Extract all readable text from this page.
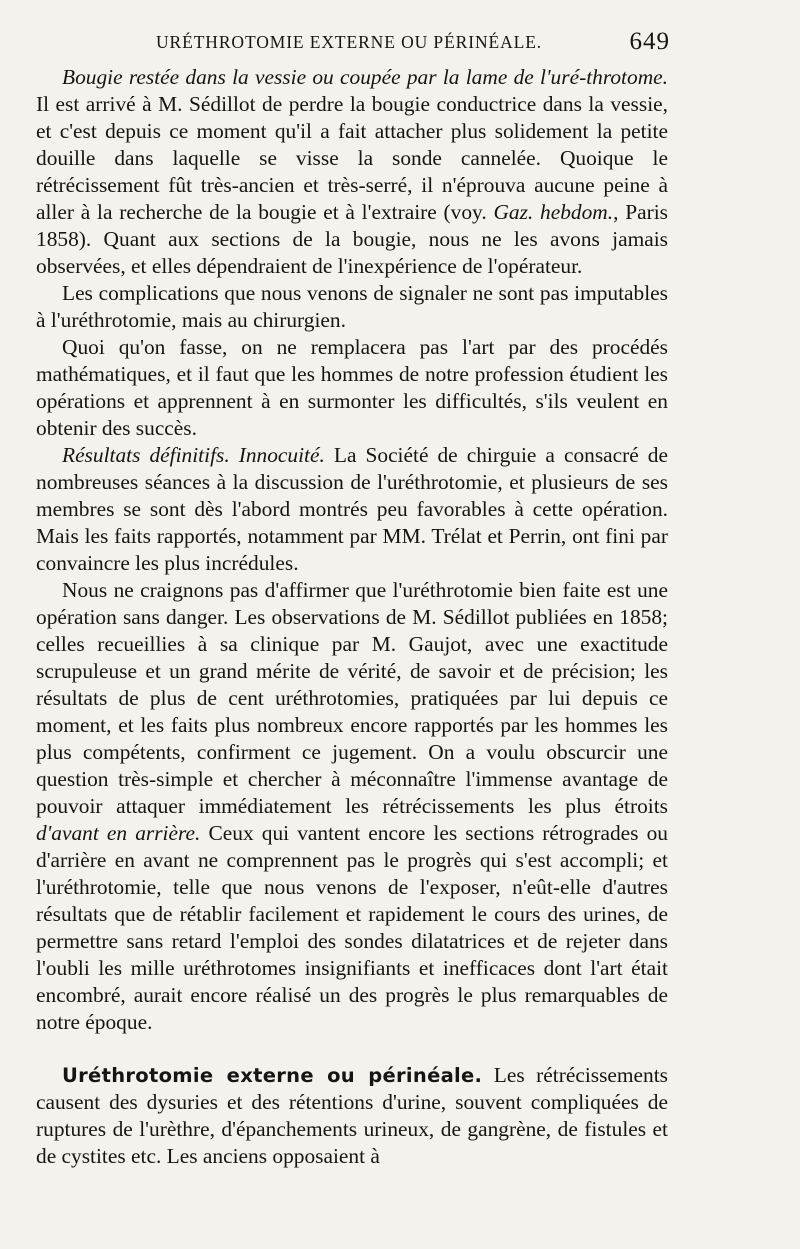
URÉTHROTOMIE EXTERNE OU PÉRINÉALE.	649

Bougie restée dans la vessie ou coupée par la lame de l'uré-throtome. Il est arrivé à M. Sédillot de perdre la bougie conductrice dans la vessie, et c'est depuis ce moment qu'il a fait attacher plus solidement la petite douille dans laquelle se visse la sonde cannelée. Quoique le rétrécissement fût très-ancien et très-serré, il n'éprouva aucune peine à aller à la recherche de la bougie et à l'extraire (voy. Gaz. hebdom., Paris 1858). Quant aux sections de la bougie, nous ne les avons jamais observées, et elles dépendraient de l'inexpérience de l'opérateur.

Les complications que nous venons de signaler ne sont pas imputables à l'uréthrotomie, mais au chirurgien.

Quoi qu'on fasse, on ne remplacera pas l'art par des procédés mathématiques, et il faut que les hommes de notre profession étudient les opérations et apprennent à en surmonter les difficultés, s'ils veulent en obtenir des succès.

Résultats définitifs. Innocuité. La Société de chirguie a consacré de nombreuses séances à la discussion de l'uréthrotomie, et plusieurs de ses membres se sont dès l'abord montrés peu favorables à cette opération. Mais les faits rapportés, notamment par MM. Trélat et Perrin, ont fini par convaincre les plus incrédules.

Nous ne craignons pas d'affirmer que l'uréthrotomie bien faite est une opération sans danger. Les observations de M. Sédillot publiées en 1858; celles recueillies à sa clinique par M. Gaujot, avec une exactitude scrupuleuse et un grand mérite de vérité, de savoir et de précision; les résultats de plus de cent uréthrotomies, pratiquées par lui depuis ce moment, et les faits plus nombreux encore rapportés par les hommes les plus compétents, confirment ce jugement. On a voulu obscurcir une question très-simple et chercher à méconnaître l'immense avantage de pouvoir attaquer immédiatement les rétrécissements les plus étroits d'avant en arrière. Ceux qui vantent encore les sections rétrogrades ou d'arrière en avant ne comprennent pas le progrès qui s'est accompli; et l'uréthrotomie, telle que nous venons de l'exposer, n'eût-elle d'autres résultats que de rétablir facilement et rapidement le cours des urines, de permettre sans retard l'emploi des sondes dilatatrices et de rejeter dans l'oubli les mille uréthrotomes insignifiants et inefficaces dont l'art était encombré, aurait encore réalisé un des progrès le plus remarquables de notre époque.

Uréthrotomie externe ou périnéale. Les rétrécissements causent des dysuries et des rétentions d'urine, souvent compliquées de ruptures de l'urèthre, d'épanchements urineux, de gangrène, de fistules et de cystites etc. Les anciens opposaient à
